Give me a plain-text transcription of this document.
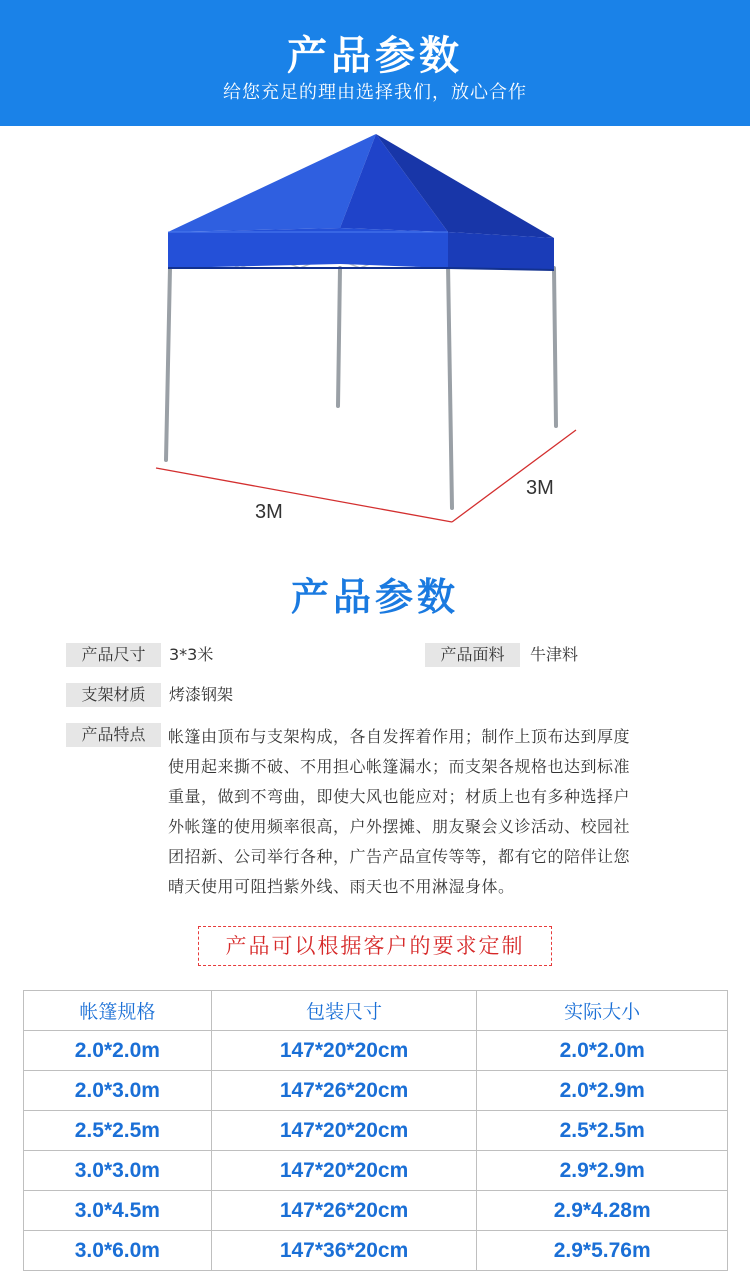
产品参数
给您充足的理由选择我们，放心合作
3M
3M
产品参数
产品尺寸	3*3米	产品面料	牛津料
支架材质	烤漆钢架
产品特点	帐篷由顶布与支架构成，各自发挥着作用；制作上顶布达到厚度
使用起来撕不破、不用担心帐篷漏水；而支架各规格也达到标准
重量，做到不弯曲，即使大风也能应对；材质上也有多种选择户
外帐篷的使用频率很高，户外摆摊、朋友聚会义诊活动、校园社
团招新、公司举行各种，广告产品宣传等等，都有它的陪伴让您
晴天使用可阻挡紫外线、雨天也不用淋湿身体。
产品可以根据客户的要求定制
帐篷规格	包装尺寸	实际大小
2.0*2.0m	147*20*20cm	2.0*2.0m
2.0*3.0m	147*26*20cm	2.0*2.9m
2.5*2.5m	147*20*20cm	2.5*2.5m
3.0*3.0m	147*20*20cm	2.9*2.9m
3.0*4.5m	147*26*20cm	2.9*4.28m
3.0*6.0m	147*36*20cm	2.9*5.76m
